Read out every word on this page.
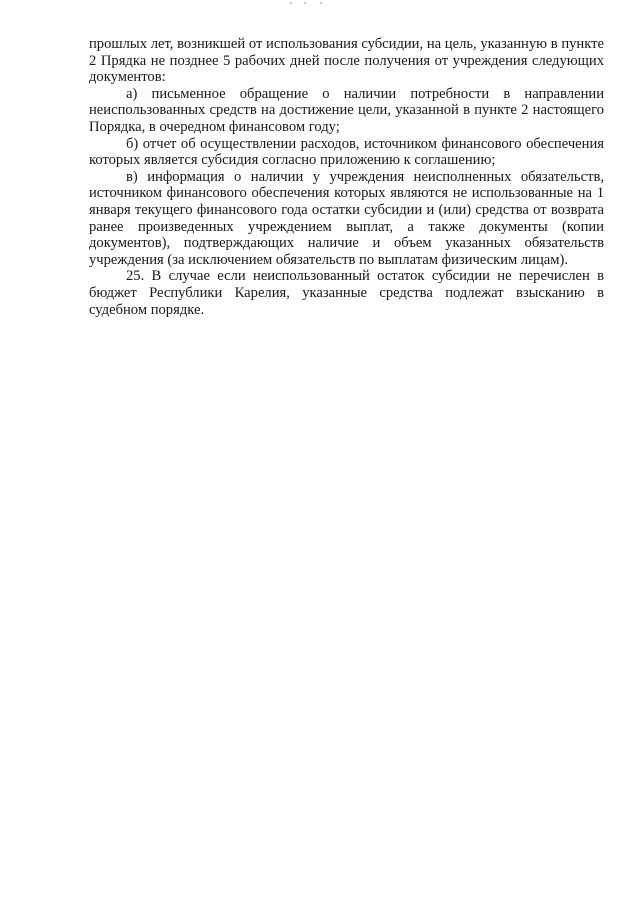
прошлых лет, возникшей от использования субсидии, на цель, указанную в пункте 2 Прядка не позднее 5 рабочих дней после получения от учреждения следующих документов:

а) письменное обращение о наличии потребности в направлении неиспользованных средств на достижение цели, указанной в пункте 2 настоящего Порядка, в очередном финансовом году;

б) отчет об осуществлении расходов, источником финансового обеспечения которых является субсидия согласно приложению к соглашению;

в) информация о наличии у учреждения неисполненных обязательств, источником финансового обеспечения которых являются не использованные на 1 января текущего финансового года остатки субсидии и (или) средства от возврата ранее произведенных учреждением выплат, а также документы (копии документов), подтверждающих наличие и объем указанных обязательств учреждения (за исключением обязательств по выплатам физическим лицам).

25. В случае если неиспользованный остаток субсидии не перечислен в бюджет Республики Карелия, указанные средства подлежат взысканию в судебном порядке.
